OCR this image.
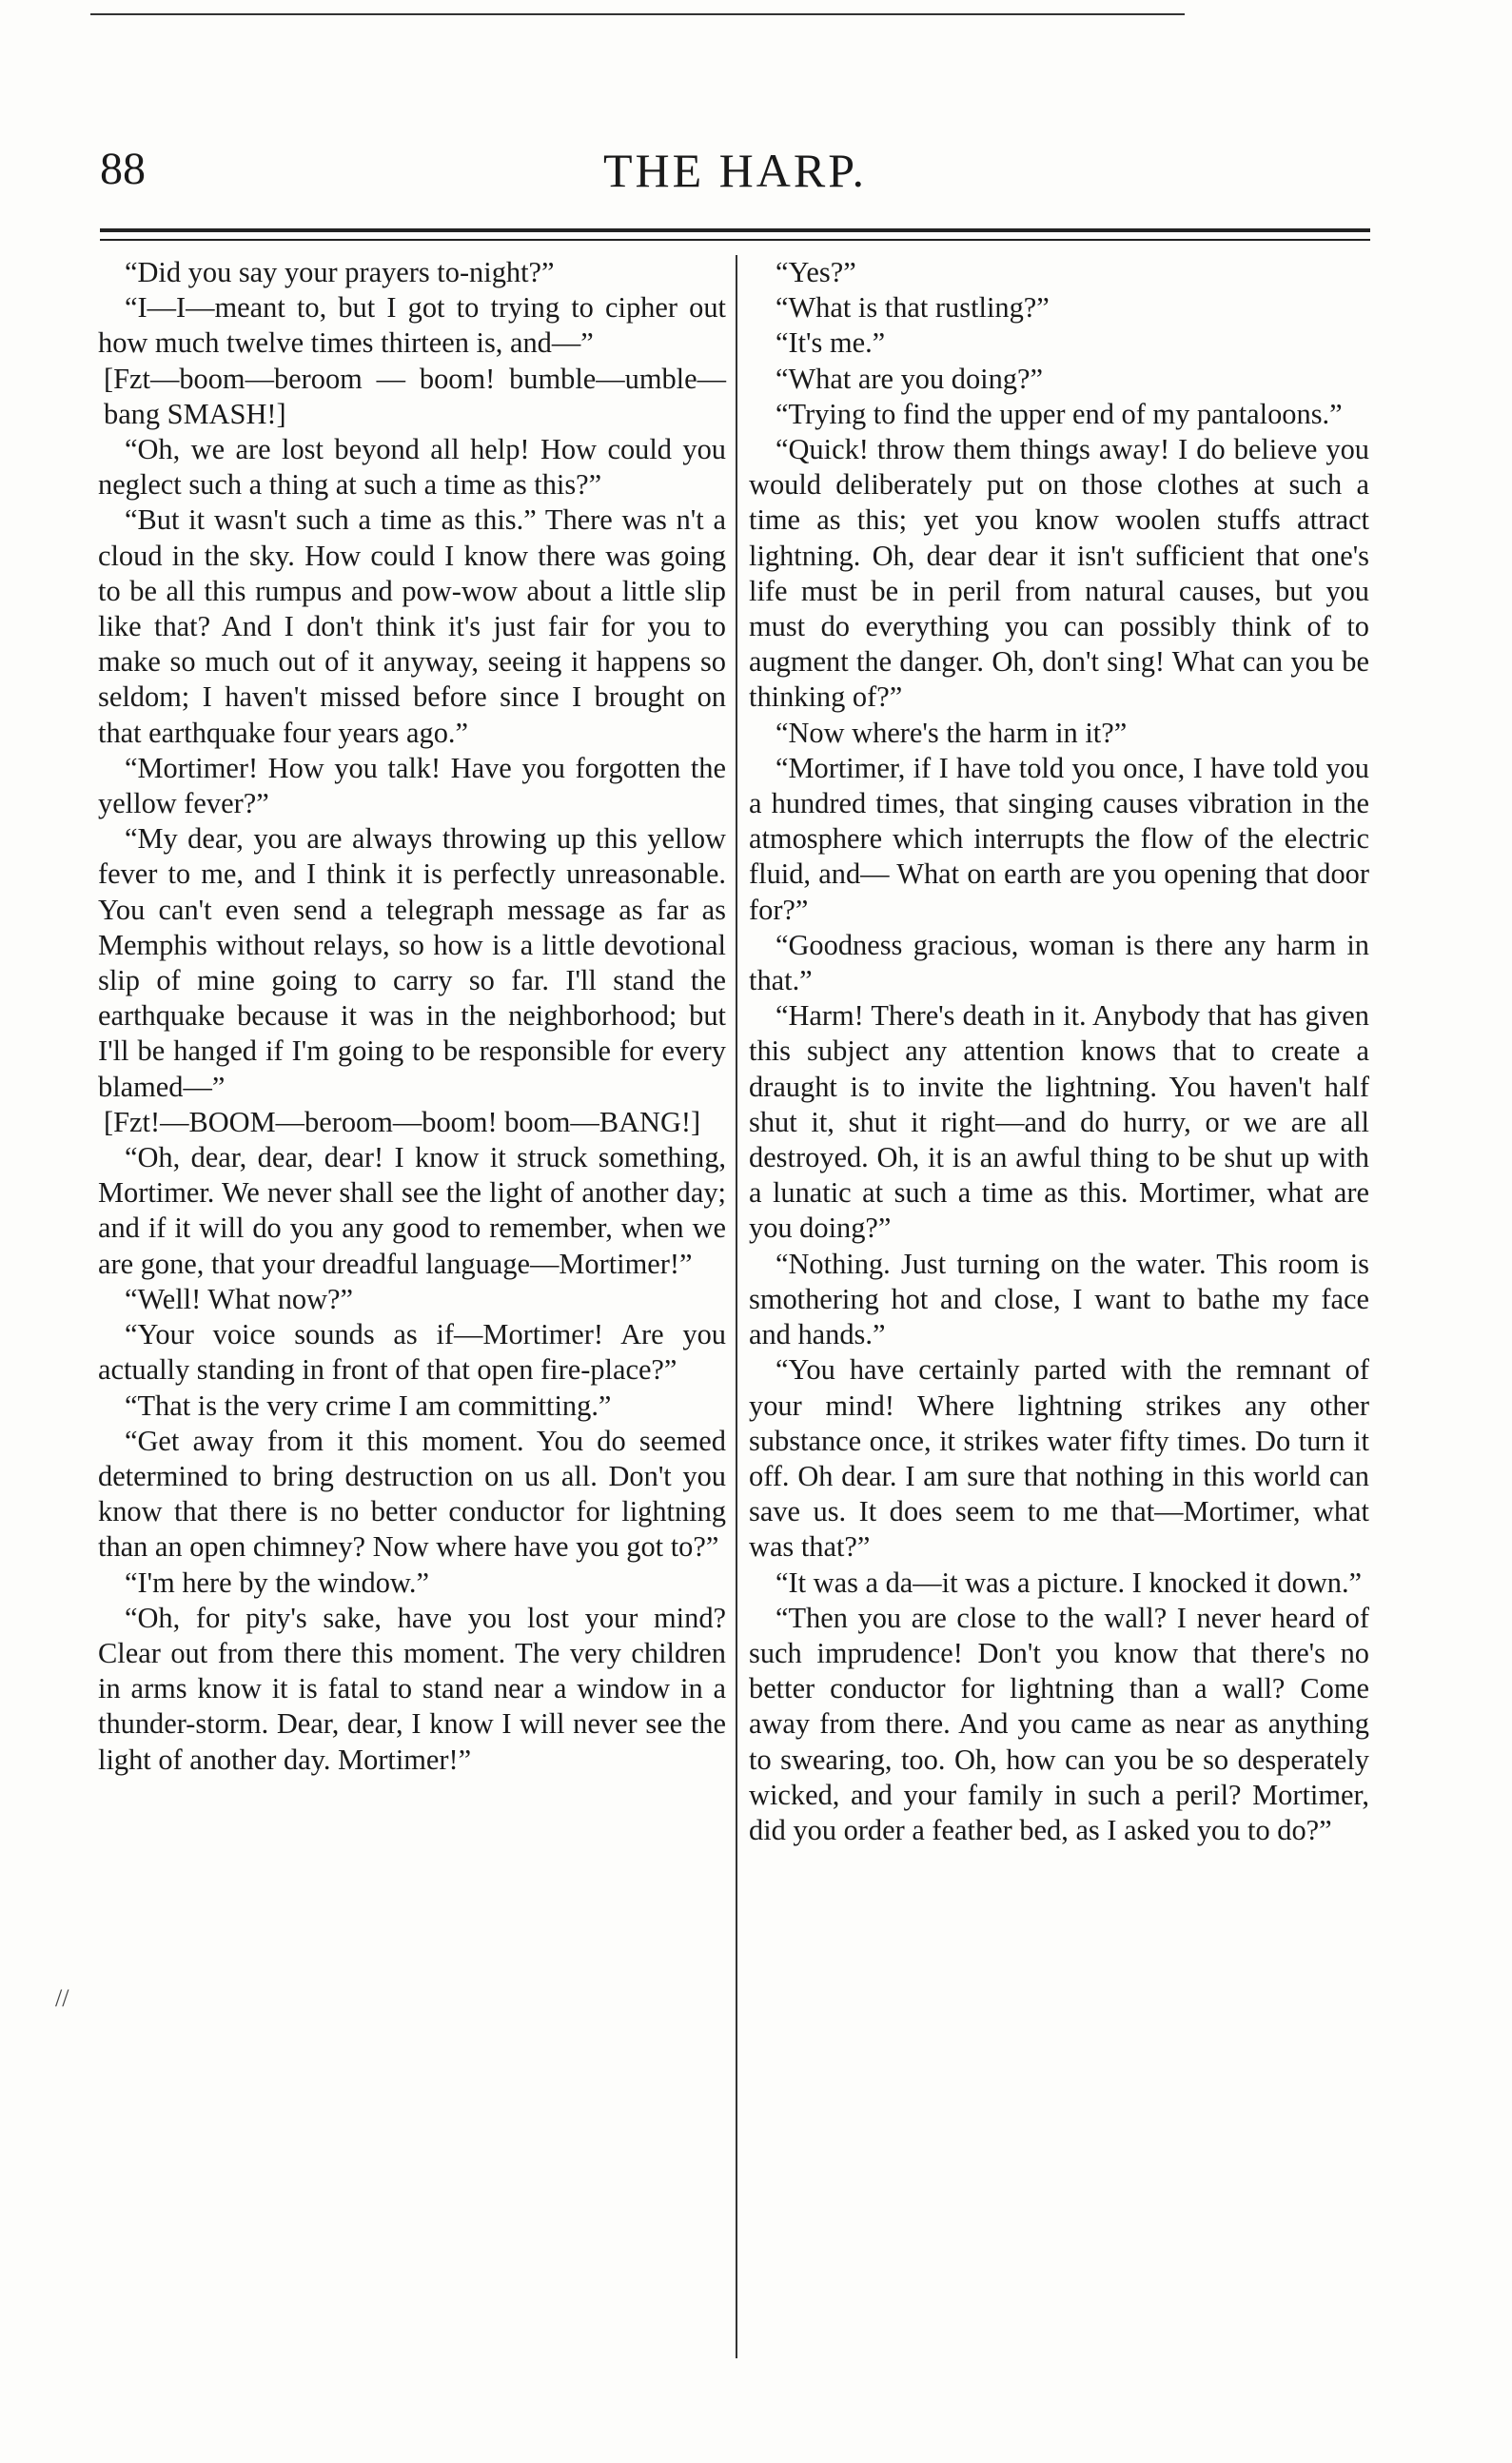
88	THE HARP.

“Did you say your prayers to-night?”

“I—I—meant to, but I got to trying to cipher out how much twelve times thirteen is, and—”

[Fzt—boom—beroom — boom! bumble—umble—bang SMASH!]

“Oh, we are lost beyond all help! How could you neglect such a thing at such a time as this?”

“But it wasn't such a time as this.” There was n't a cloud in the sky. How could I know there was going to be all this rumpus and pow-wow about a little slip like that? And I don't think it's just fair for you to make so much out of it anyway, seeing it happens so seldom; I haven't missed before since I brought on that earthquake four years ago.”

“Mortimer! How you talk! Have you forgotten the yellow fever?”

“My dear, you are always throwing up this yellow fever to me, and I think it is perfectly unreasonable. You can't even send a telegraph message as far as Memphis without relays, so how is a little devotional slip of mine going to carry so far. I'll stand the earthquake because it was in the neighborhood; but I'll be hanged if I'm going to be responsible for every blamed—”

[Fzt!—BOOM—beroom—boom! boom—BANG!]

“Oh, dear, dear, dear! I know it struck something, Mortimer. We never shall see the light of another day; and if it will do you any good to remember, when we are gone, that your dreadful language—Mortimer!”

“Well! What now?”

“Your voice sounds as if—Mortimer! Are you actually standing in front of that open fire-place?”

“That is the very crime I am committing.”

“Get away from it this moment. You do seemed determined to bring destruction on us all. Don't you know that there is no better conductor for lightning than an open chimney? Now where have you got to?”

“I'm here by the window.”

“Oh, for pity's sake, have you lost your mind? Clear out from there this moment. The very children in arms know it is fatal to stand near a window in a thunder-storm. Dear, dear, I know I will never see the light of another day. Mortimer!”

“Yes?”

“What is that rustling?”

“It's me.”

“What are you doing?”

“Trying to find the upper end of my pantaloons.”

“Quick! throw them things away! I do believe you would deliberately put on those clothes at such a time as this; yet you know woolen stuffs attract lightning. Oh, dear dear it isn't sufficient that one's life must be in peril from natural causes, but you must do everything you can possibly think of to augment the danger. Oh, don't sing! What can you be thinking of?”

“Now where's the harm in it?”

“Mortimer, if I have told you once, I have told you a hundred times, that singing causes vibration in the atmosphere which interrupts the flow of the electric fluid, and— What on earth are you opening that door for?”

“Goodness gracious, woman is there any harm in that.”

“Harm! There's death in it. Anybody that has given this subject any attention knows that to create a draught is to invite the lightning. You haven't half shut it, shut it right—and do hurry, or we are all destroyed. Oh, it is an awful thing to be shut up with a lunatic at such a time as this. Mortimer, what are you doing?”

“Nothing. Just turning on the water. This room is smothering hot and close, I want to bathe my face and hands.”

“You have certainly parted with the remnant of your mind! Where lightning strikes any other substance once, it strikes water fifty times. Do turn it off. Oh dear. I am sure that nothing in this world can save us. It does seem to me that—Mortimer, what was that?”

“It was a da—it was a picture. I knocked it down.”

“Then you are close to the wall? I never heard of such imprudence! Don't you know that there's no better conductor for lightning than a wall? Come away from there. And you came as near as anything to swearing, too. Oh, how can you be so desperately wicked, and your family in such a peril? Mortimer, did you order a feather bed, as I asked you to do?”

//
